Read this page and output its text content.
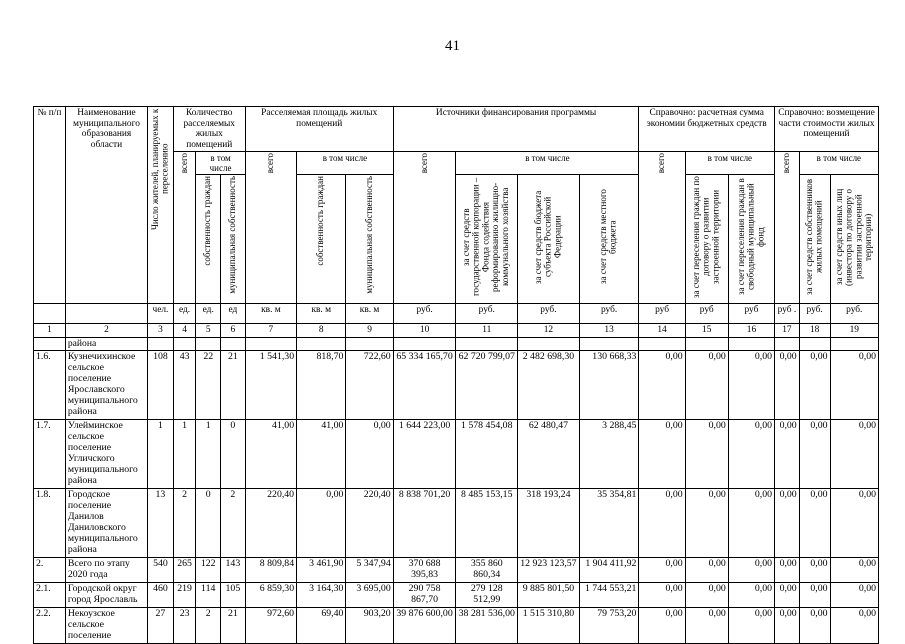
41
№ п/п	Наименование муниципального образования области	Число жителей, планируемых к переселению	Количество расселяемых жилых помещений			Расселяемая площадь жилых помещений			Источники финансирования программы				Справочно: расчетная сумма экономии бюджетных средств			Справочно: возмещение части стоимости жилых помещений		
			всего	в том числе		всего	в том числе		всего	в том числе			всего	в том числе		всего	в том числе	
				собственность граждан	муниципальная собственность		собственность граждан	муниципальная собственность		за счет средств государственной корпорации – Фонда содействия реформированию жилищно-коммунального хозяйства	за счет средств бюджета субъекта Российской Федерации	за счет средств местного бюджета		за счет переселения граждан по договору о развитии застроенной территории	за счет переселения граждан в свободный муниципальный фонд		за счет средств собственников жилых помещений	за счет средств иных лиц (инвестора по договору о развитии застроенной территории)
		чел.	ед.	ед.	ед	кв. м	кв. м	кв. м	руб.	руб.	руб.	руб.	руб	руб	руб	руб .	руб.	руб.
1	2	3	4	5	6	7	8	9	10	11	12	13	14	15	16	17	18	19
	района																	
1.6.	Кузнечихинское сельское поселение Ярославского муниципального района	108	43	22	21	1 541,30	818,70	722,60	65 334 165,70	62 720 799,07	2 482 698,30	130 668,33	0,00	0,00	0,00	0,00	0,00	0,00
1.7.	Улейминское сельское поселение Угличского муниципального района	1	1	1	0	41,00	41,00	0,00	1 644 223,00	1 578 454,08	62 480,47	3 288,45	0,00	0,00	0,00	0,00	0,00	0,00
1.8.	Городское поселение Данилов Даниловского муниципального района	13	2	0	2	220,40	0,00	220,40	8 838 701,20	8 485 153,15	318 193,24	35 354,81	0,00	0,00	0,00	0,00	0,00	0,00
2.	Всего по этапу 2020 года	540	265	122	143	8 809,84	3 461,90	5 347,94	370 688 395,83	355 860 860,34	12 923 123,57	1 904 411,92	0,00	0,00	0,00	0,00	0,00	0,00
2.1.	Городской округ город Ярославль	460	219	114	105	6 859,30	3 164,30	3 695,00	290 758 867,70	279 128 512,99	9 885 801,50	1 744 553,21	0,00	0,00	0,00	0,00	0,00	0,00
2.2.	Некоузское сельское поселение	27	23	2	21	972,60	69,40	903,20	39 876 600,00	38 281 536,00	1 515 310,80	79 753,20	0,00	0,00	0,00	0,00	0,00	0,00
